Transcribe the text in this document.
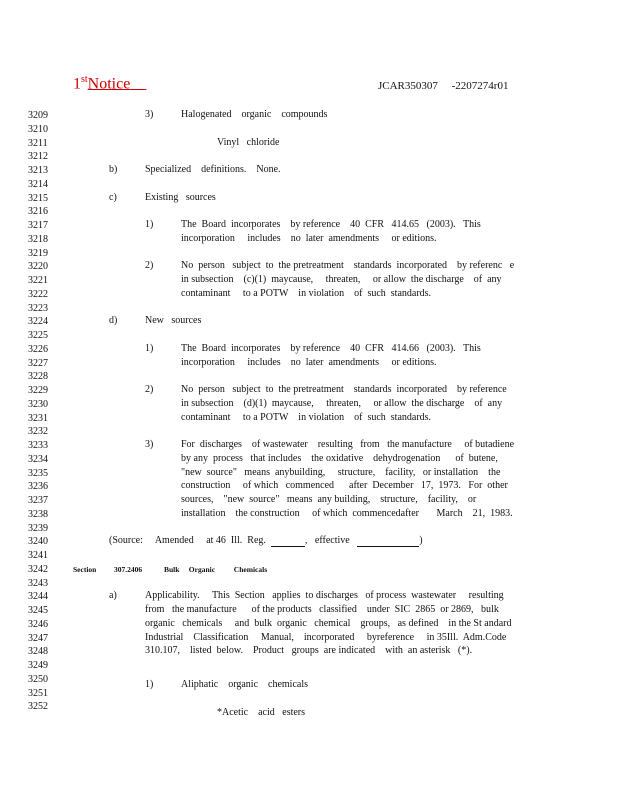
1stNotice	JCAR350307     -2207274r01
3209
3210
3211
3212
3213
3214
3215
3216
3217
3218
3219
3220
3221
3222
3223
3224
3225
3226
3227
3228
3229
3230
3231
3232
3233
3234
3235
3236
3237
3238
3239
3240
3241
3242
3243
3244
3245
3246
3247
3248
3249
3250
3251
3252
3)	Halogenated    organic    compounds
Vinyl   chloride
b)	Specialized    definitions.    None.
c)	Existing   sources
1)	The  Board  incorporates    by reference    40  CFR   414.65   (2003).   This
incorporation     includes    no  later  amendments     or editions.
2)	No  person   subject  to  the pretreatment    standards  incorporated    by referenc   e
in subsection    (c)(1)  maycause,     threaten,     or allow  the discharge    of  any
contaminant     to a POTW    in violation    of  such  standards.
d)	New   sources
1)	The  Board  incorporates    by reference    40  CFR   414.66   (2003).   This
incorporation     includes    no  later  amendments     or editions.
2)	No  person   subject  to  the pretreatment    standards  incorporated    by reference
in subsection    (d)(1)  maycause,     threaten,     or allow  the discharge    of  any
contaminant     to a POTW    in violation    of  such  standards.
3)	For  discharges    of wastewater    resulting   from   the manufacture     of butadiene
by any  process   that includes    the oxidative    dehydrogenation      of  butene,
"new  source"   means  anybuilding,     structure,    facility,   or installation    the
construction     of which   commenced      after  December   17,  1973.   For  other
sources,    "new  source"   means  any building,    structure,    facility,    or
installation    the construction     of which  commencedafter       March    21,  1983.
(Source:     Amended     at 46  Ill.  Reg.	,   effective	)
Section 307.2406	Bulk     Organic          Chemicals
a)	Applicability.     This  Section   applies  to discharges   of process  wastewater     resulting
from   the manufacture      of the products   classified    under  SIC  2865  or 2869,   bulk
organic   chemicals     and  bulk  organic   chemical    groups,   as defined    in the St andard
Industrial    Classification     Manual,    incorporated     byreference     in 35Ill.  Adm.Code
310.107,    listed  below.    Product   groups  are indicated    with  an asterisk   (*).
1)	Aliphatic    organic    chemicals
*Acetic    acid   esters
